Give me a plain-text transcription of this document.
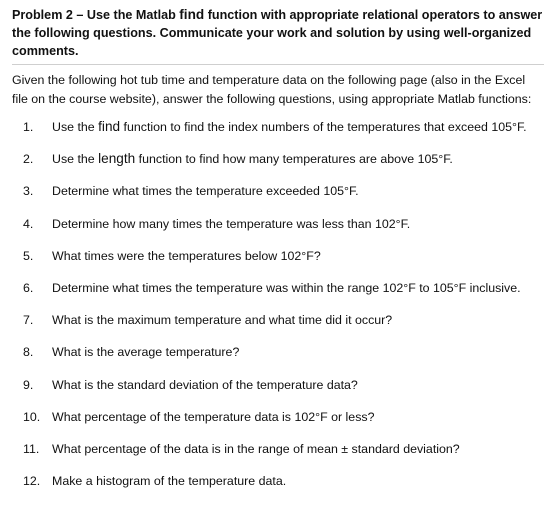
Problem 2 – Use the Matlab find function with appropriate relational operators to answer the following questions. Communicate your work and solution by using well-organized comments.

Given the following hot tub time and temperature data on the following page (also in the Excel file on the course website), answer the following questions, using appropriate Matlab functions:

1.	Use the find function to find the index numbers of the temperatures that exceed 105°F.
2.	Use the length function to find how many temperatures are above 105°F.
3.	Determine what times the temperature exceeded 105°F.
4.	Determine how many times the temperature was less than 102°F.
5.	What times were the temperatures below 102°F?
6.	Determine what times the temperature was within the range 102°F to 105°F inclusive.
7.	What is the maximum temperature and what time did it occur?
8.	What is the average temperature?
9.	What is the standard deviation of the temperature data?
10. What percentage of the temperature data is 102°F or less?
11.	What percentage of the data is in the range of mean ± standard deviation?
12. Make a histogram of the temperature data.
